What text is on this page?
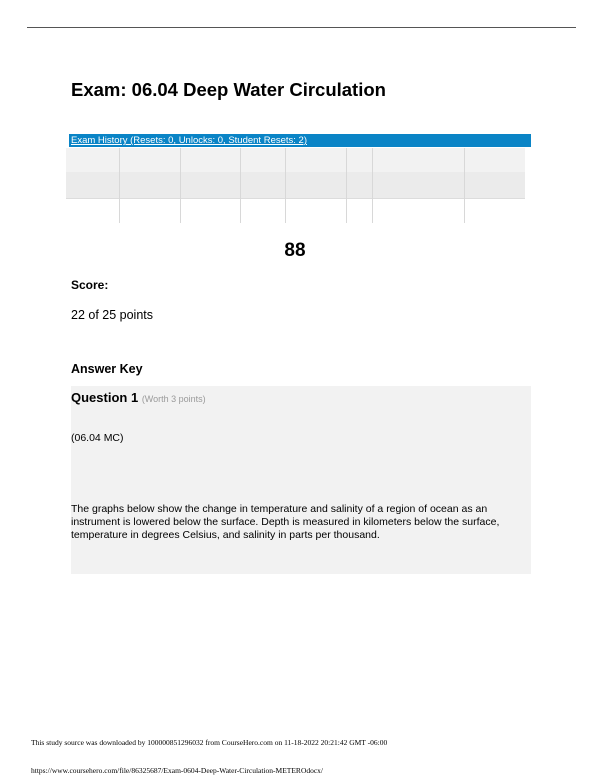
Exam: 06.04 Deep Water Circulation
Exam History (Resets: 0, Unlocks: 0, Student Resets: 2)
88
Score:
22 of 25 points
Answer Key
Question 1 (Worth 3 points)
(06.04 MC)
The graphs below show the change in temperature and salinity of a region of ocean as an instrument is lowered below the surface. Depth is measured in kilometers below the surface, temperature in degrees Celsius, and salinity in parts per thousand.
This study source was downloaded by 100000851296032 from CourseHero.com on 11-18-2022 20:21:42 GMT -06:00
https://www.coursehero.com/file/86325687/Exam-0604-Deep-Water-Circulation-METEROdocx/
